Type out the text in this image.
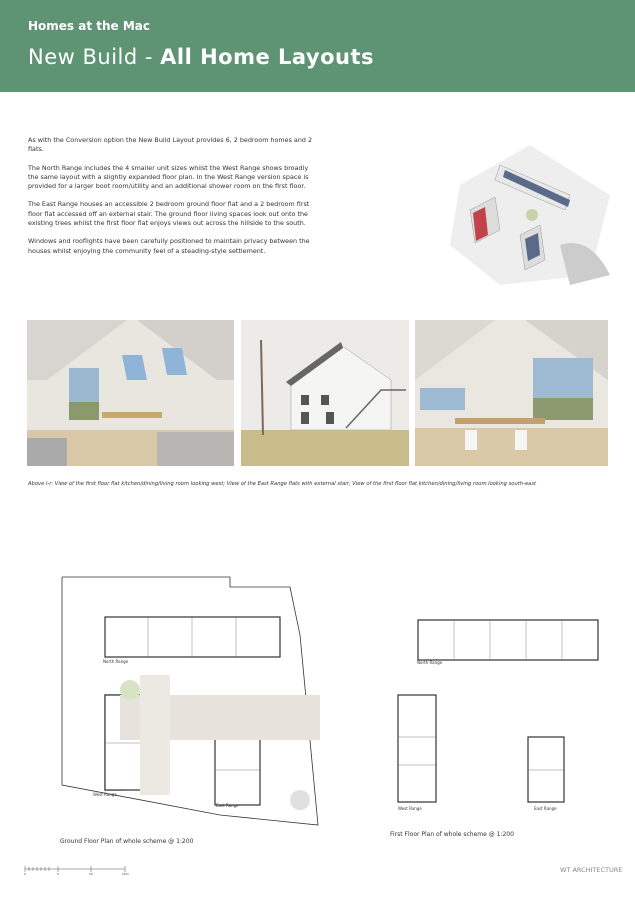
Homes at the Mac
New Build - All Home Layouts

As with the Conversion option the New Build Layout provides 6, 2 bedroom homes and 2 flats.

The North Range includes the 4 smaller unit sizes whilst the West Range shows broadly the same layout with a slightly expanded floor plan. In the West Range version space is provided for a larger boot room/utility and an additional shower room on the first floor.

The East Range houses an accessible 2 bedroom ground floor flat and a 2 bedroom first floor flat accessed off an external stair. The ground floor living spaces look out onto the existing trees whilst the first floor flat enjoys views out across the hillside to the south.

Windows and rooflights have been carefully positioned to maintain privacy between the houses whilst enjoying the community feel of a steading-style settlement.

Above l-r: View of the first floor flat kitchen/dining/living room looking west; View of the East Range flats with external stair; View of the first floor flat kitchen/dining/living room looking south-east
North Range
West Range
East Range
Ground Floor Plan of whole scheme @ 1:200
North Range
West Range	East Range
First Floor Plan of whole scheme @ 1:200
0	5	10	15m	WT ARCHITECTURE
